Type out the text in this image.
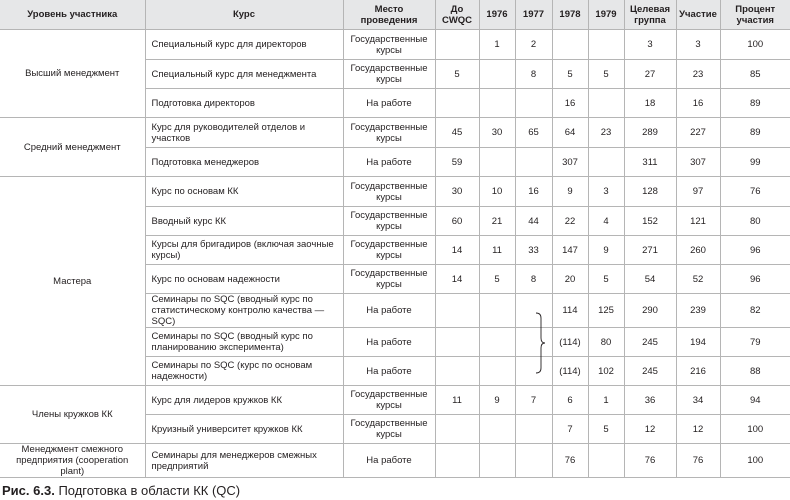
Уровень участника	Курс	Место проведения	До CWQC	1976	1977	1978	1979	Целевая группа	Участие	Процент участия
Высший менеджмент	Специальный курс для директоров	Государственные курсы		1	2			3	3	100
	Специальный курс для менеджмента	Государственные курсы	5		8	5	5	27	23	85
	Подготовка директоров	На работе				16		18	16	89
Средний менеджмент	Курс для руководителей отделов и участков	Государственные курсы	45	30	65	64	23	289	227	89
	Подготовка менеджеров	На работе	59			307		311	307	99
Мастера	Курс по основам КК	Государственные курсы	30	10	16	9	3	128	97	76
	Вводный курс КК	Государственные курсы	60	21	44	22	4	152	121	80
	Курсы для бригадиров (включая заочные курсы)	Государственные курсы	14	11	33	147	9	271	260	96
	Курс по основам надежности	Государственные курсы	14	5	8	20	5	54	52	96
	Семинары по SQC (вводный курс по статистическому контролю качества — SQC)	На работе				114	125	290	239	82
	Семинары по SQC (вводный курс по планированию эксперимента)	На работе				(114)	80	245	194	79
	Семинары по SQC (курс по основам надежности)	На работе				(114)	102	245	216	88
Члены кружков КК	Курс для лидеров кружков КК	Государственные курсы	11	9	7	6	1	36	34	94
	Круизный университет кружков КК	Государственные курсы				7	5	12	12	100
Менеджмент смежного предприятия (cooperation plant)	Семинары для менеджеров смежных предприятий	На работе				76		76	76	100
Рис. 6.3. Подготовка в области КК (QC)
